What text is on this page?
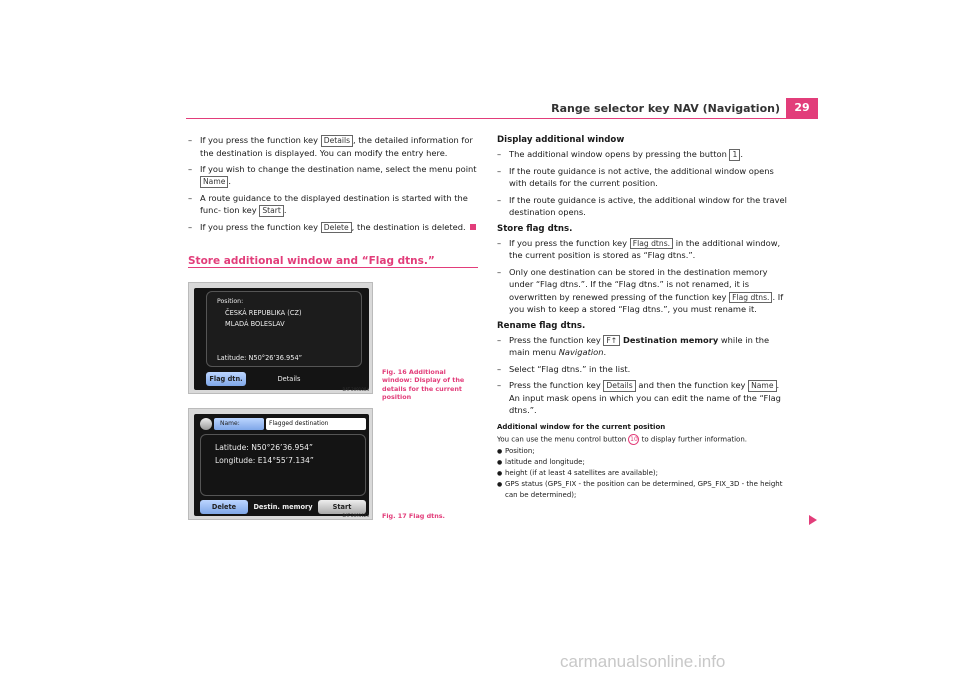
Range selector key NAV (Navigation)	29
– If you press the function key Details , the detailed information for the destination is displayed. You can modify the entry here.
– If you wish to change the destination name, select the menu point Name .
– A route guidance to the displayed destination is started with the func- tion key Start .
– If you press the function key Delete , the destination is deleted.
Store additional window and “Flag dtns.”
Position:
ČESKÁ REPUBLIKA (CZ)
MLADÁ BOLESLAV
Latitude: N50°26’36.954”
Flag dtn.	Details
BAT-2091084
Fig. 16 Additional window: Display of the details for the current position
Name:	Flagged destination
Latitude: N50°26’36.954”
Longitude: E14°55’7.134”
Delete	Destin. memory	Start
BAT-2091123 Fig. 17 Flag dtns.
Display additional window
– The additional window opens by pressing the button 1 .
– If the route guidance is not active, the additional window opens with details for the current position.
– If the route guidance is active, the additional window for the travel destination opens.
Store flag dtns.
– If you press the function key Flag dtns. in the additional window, the current position is stored as “Flag dtns.”.
– Only one destination can be stored in the destination memory under “Flag dtns.”. If the “Flag dtns.” is not renamed, it is overwritten by renewed pressing of the function key Flag dtns. . If you wish to keep a stored “Flag dtns.”, you must rename it.
Rename flag dtns.
– Press the function key F↑ Destination memory while in the main menu Navigation.
– Select “Flag dtns.” in the list.
– Press the function key Details and then the function key Name . An input mask opens in which you can edit the name of the “Flag dtns.”.
Additional window for the current position
You can use the menu control button 10 to display further information.
● Position;
● latitude and longitude;
● height (if at least 4 satellites are available);
● GPS status (GPS_FIX - the position can be determined, GPS_FIX_3D - the height can be determined);
carmanualsonline.info
